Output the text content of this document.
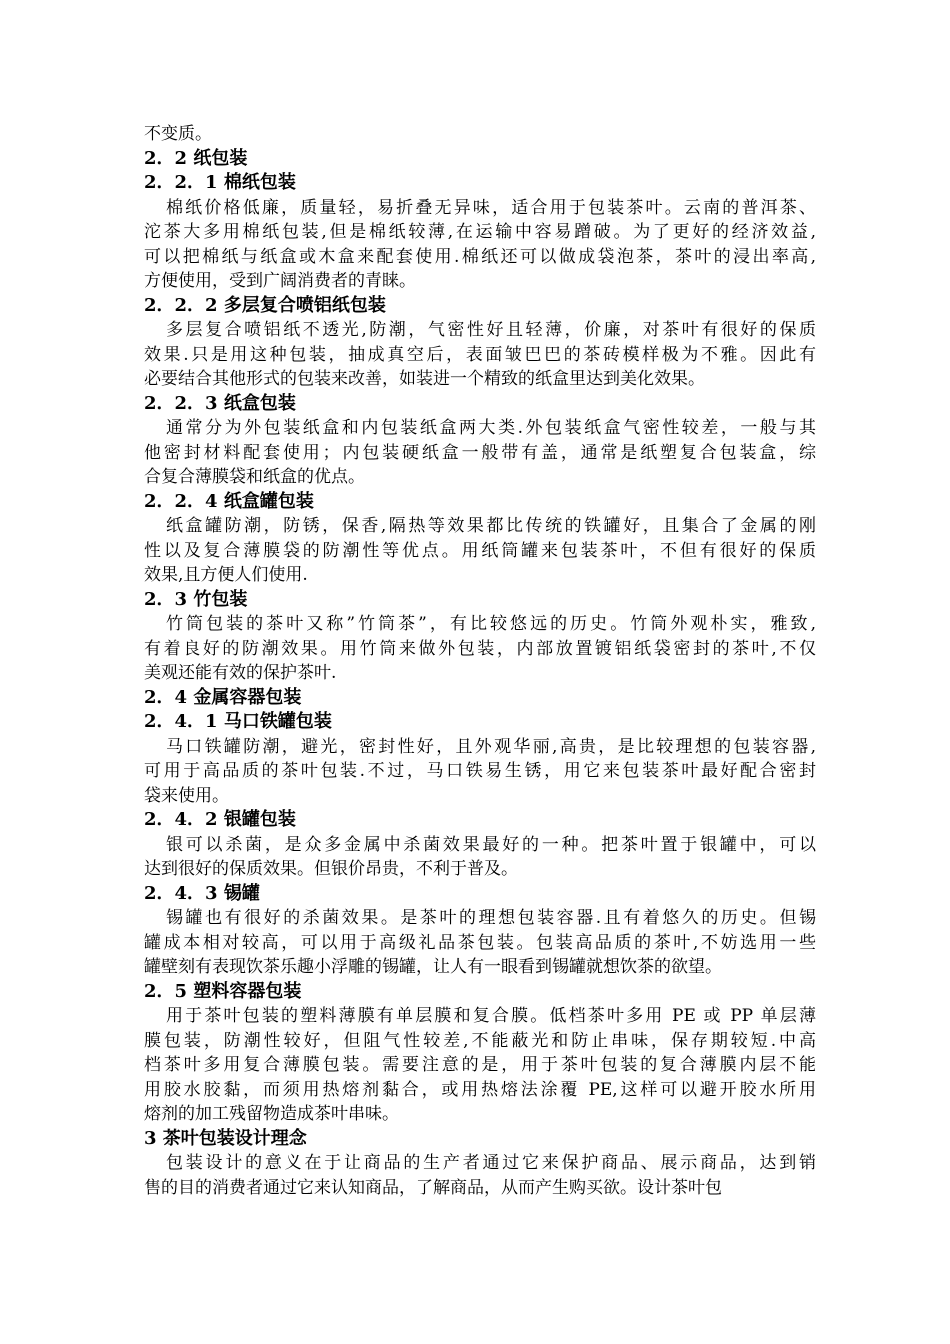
不变质。
2．2 纸包装
2．2．1 棉纸包装
棉纸价格低廉，质量轻，易折叠无异味，适合用于包装茶叶。云南的普洱茶、
沱茶大多用棉纸包装,但是棉纸较薄,在运输中容易蹭破。为了更好的经济效益,
可以把棉纸与纸盒或木盒来配套使用.棉纸还可以做成袋泡茶，茶叶的浸出率高,
方便使用，受到广阔消费者的青睐。
2．2．2 多层复合喷铝纸包装
多层复合喷铝纸不透光,防潮，气密性好且轻薄，价廉，对茶叶有很好的保质
效果.只是用这种包装，抽成真空后，表面皱巴巴的茶砖模样极为不雅。因此有
必要结合其他形式的包装来改善，如装进一个精致的纸盒里达到美化效果。
2．2．3 纸盒包装
通常分为外包装纸盒和内包装纸盒两大类.外包装纸盒气密性较差，一般与其
他密封材料配套使用；内包装硬纸盒一般带有盖，通常是纸塑复合包装盒，综
合复合薄膜袋和纸盒的优点。
2．2．4 纸盒罐包装
纸盒罐防潮，防锈，保香,隔热等效果都比传统的铁罐好，且集合了金属的刚
性以及复合薄膜袋的防潮性等优点。用纸筒罐来包装茶叶，不但有很好的保质
效果,且方便人们使用.
2．3 竹包装
竹筒包装的茶叶又称”竹筒茶”，有比较悠远的历史。竹筒外观朴实，雅致,
有着良好的防潮效果。用竹筒来做外包装，内部放置镀铝纸袋密封的茶叶,不仅
美观还能有效的保护茶叶.
2．4 金属容器包装
2．4．1 马口铁罐包装
马口铁罐防潮，避光，密封性好，且外观华丽,高贵，是比较理想的包装容器,
可用于高品质的茶叶包装.不过，马口铁易生锈，用它来包装茶叶最好配合密封
袋来使用。
2．4．2 银罐包装
银可以杀菌，是众多金属中杀菌效果最好的一种。把茶叶置于银罐中，可以
达到很好的保质效果。但银价昂贵，不利于普及。
2．4．3 锡罐
锡罐也有很好的杀菌效果。是茶叶的理想包装容器.且有着悠久的历史。但锡
罐成本相对较高，可以用于高级礼品茶包装。包装高品质的茶叶,不妨选用一些
罐壁刻有表现饮茶乐趣小浮雕的锡罐，让人有一眼看到锡罐就想饮茶的欲望。
2．5 塑料容器包装
用于茶叶包装的塑料薄膜有单层膜和复合膜。低档茶叶多用 PE 或 PP 单层薄
膜包装，防潮性较好，但阻气性较差,不能蔽光和防止串味，保存期较短.中高
档茶叶多用复合薄膜包装。需要注意的是，用于茶叶包装的复合薄膜内层不能
用胶水胶黏，而须用热熔剂黏合，或用热熔法涂覆 PE,这样可以避开胶水所用
熔剂的加工残留物造成茶叶串味。
3 茶叶包装设计理念
包装设计的意义在于让商品的生产者通过它来保护商品、展示商品，达到销
售的目的消费者通过它来认知商品，了解商品，从而产生购买欲。设计茶叶包
